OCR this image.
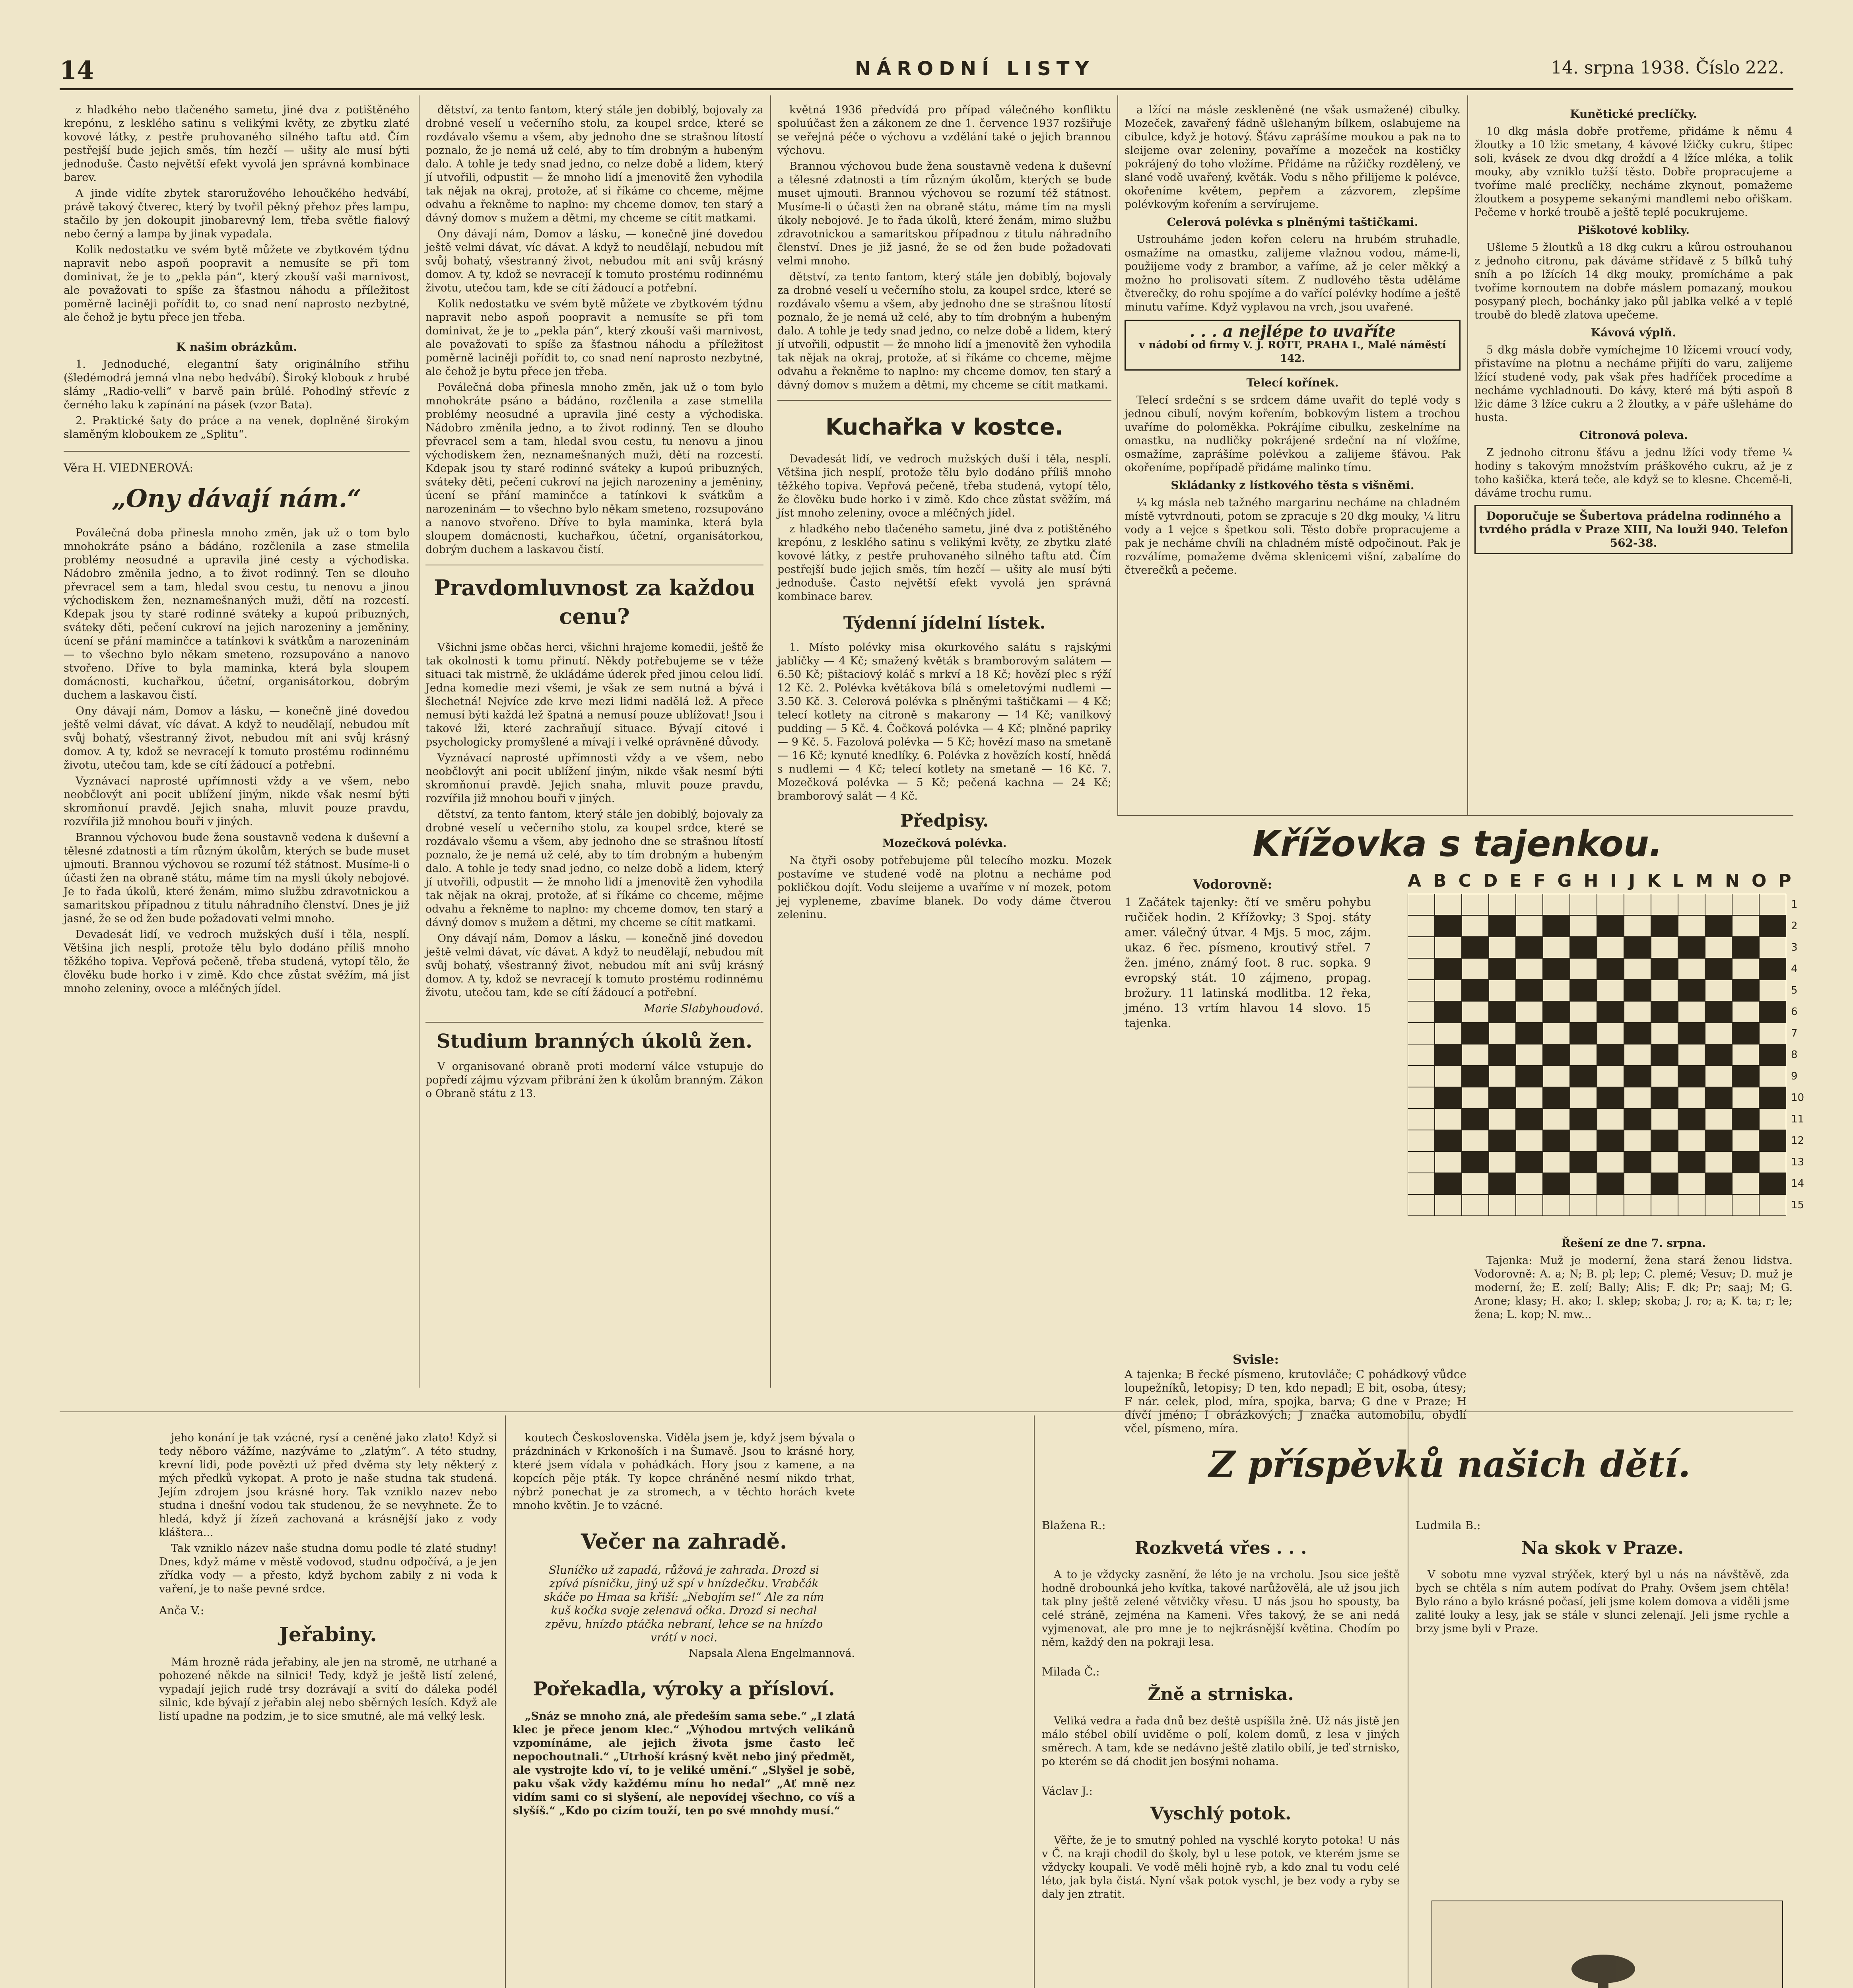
14	NÁRODNÍ LISTY	14. srpna 1938. Číslo 222.

z hladkého nebo tlačeného sametu, jiné dva z potištěného krepónu, z lesklého satinu s velikými květy, ze zbytku zlaté kovové látky, z pestře pruhovaného silného taftu atd. Čím pestřejší bude jejich směs, tím hezčí — ušity ale musí býti jednoduše. Často největší efekt vyvolá jen správná kombinace barev.

A jinde vidíte zbytek staroružového lehoučkého hedvábí, právě takový čtverec, který by tvořil pěkný přehoz přes lampu, stačilo by jen dokoupit jinobarevný lem, třeba světle fialový nebo černý a lampa by jinak vypadala.

Kolik nedostatku ve svém bytě můžete ve zbytkovém týdnu napravit nebo aspoň poopravit a nemusíte se při tom dominivat, že je to „pekla pán“, který zkouší vaši marnivost, ale považovati to spíše za šťastnou náhodu a příležitost poměrně laciněji pořídit to, co snad není naprosto nezbytné, ale čehož je bytu přece jen třeba.

K našim obrázkům.

1. Jednoduché, elegantní šaty originálního střihu (šledémodrá jemná vlna nebo hedvábí). Široký klobouk z hrubé slámy „Radio-velli“ v barvě pain brûlé. Pohodlný střevíc z černého laku k zapínání na pásek (vzor Bata).

2. Praktické šaty do práce a na venek, doplněné širokým slaměným kloboukem ze „Splitu“.

Věra H. VIEDNEROVÁ:
„Ony dávají nám.“

Poválečná doba přinesla mnoho změn, jak už o tom bylo mnohokráte psáno a bádáno, rozčlenila a zase stmelila problémy neosudné a upravila jiné cesty a východiska. Nádobro změnila jedno, a to život rodinný. Ten se dlouho převracel sem a tam, hledal svou cestu, tu nenovu a jinou východiskem žen, neznamešnaných muži, dětí na rozcestí. Kdepak jsou ty staré rodinné sváteky a kupoú pribuzných, sváteky děti, pečení cukroví na jejich narozeniny a jeměniny, úcení se přání maminčce a tatínkovi k svátkům a narozeninám — to všechno bylo někam smeteno, rozsupováno a nanovo stvořeno. Dříve to byla maminka, která byla sloupem domácnosti, kuchařkou, účetní, organisátorkou, dobrým duchem a laskavou čistí.

Ony dávají nám, Domov a lásku, — konečně jiné dovedou ještě velmi dávat, víc dávat. A když to neudělají, nebudou mít svůj bohatý, všestranný život, nebudou mít ani svůj krásný domov. A ty, kdož se nevracejí k tomuto prostému rodinnému životu, utečou tam, kde se cítí žádoucí a potřební.

Vyznávací naprosté upřímnosti vždy a ve všem, nebo neobčlovýt ani pocit ublížení jiným, nikde však nesmí býti skromňonuí pravdě. Jejich snaha, mluvit pouze pravdu, rozvířila již mnohou bouři v jiných.

Brannou výchovou bude žena soustavně vedena k duševní a tělesné zdatnosti a tím různým úkolům, kterých se bude muset ujmouti. Brannou výchovou se rozumí též státnost. Musíme-li o účasti žen na obraně státu, máme tím na mysli úkoly nebojové. Je to řada úkolů, které ženám, mimo službu zdravotnickou a samaritskou případnou z titulu náhradního členství. Dnes je již jasné, že se od žen bude požadovati velmi mnoho.

Devadesát lidí, ve vedroch mužských duší i těla, nesplí. Většina jich nesplí, protože tělu bylo dodáno příliš mnoho těžkého topiva. Vepřová pečeně, třeba studená, vytopí tělo, že člověku bude horko i v zimě. Kdo chce zůstat svěžím, má jíst mnoho zeleniny, ovoce a mléčných jídel.

dětství, za tento fantom, který stále jen dobiblý, bojovaly za drobné veselí u večerního stolu, za koupel srdce, které se rozdávalo všemu a všem, aby jednoho dne se strašnou lítostí poznalo, že je nemá už celé, aby to tím drobným a hubeným dalo. A tohle je tedy snad jedno, co nelze době a lidem, který jí utvořili, odpustit — že mnoho lidí a jmenovitě žen vyhodila tak nějak na okraj, protože, ať si říkáme co chceme, mějme odvahu a řekněme to naplno: my chceme domov, ten starý a dávný domov s mužem a dětmi, my chceme se cítit matkami.

Ony dávají nám, Domov a lásku, — konečně jiné dovedou ještě velmi dávat, víc dávat. A když to neudělají, nebudou mít svůj bohatý, všestranný život, nebudou mít ani svůj krásný domov. A ty, kdož se nevracejí k tomuto prostému rodinnému životu, utečou tam, kde se cítí žádoucí a potřební.

Kolik nedostatku ve svém bytě můžete ve zbytkovém týdnu napravit nebo aspoň poopravit a nemusíte se při tom dominivat, že je to „pekla pán“, který zkouší vaši marnivost, ale považovati to spíše za šťastnou náhodu a příležitost poměrně laciněji pořídit to, co snad není naprosto nezbytné, ale čehož je bytu přece jen třeba.

Poválečná doba přinesla mnoho změn, jak už o tom bylo mnohokráte psáno a bádáno, rozčlenila a zase stmelila problémy neosudné a upravila jiné cesty a východiska. Nádobro změnila jedno, a to život rodinný. Ten se dlouho převracel sem a tam, hledal svou cestu, tu nenovu a jinou východiskem žen, neznamešnaných muži, dětí na rozcestí. Kdepak jsou ty staré rodinné sváteky a kupoú pribuzných, sváteky děti, pečení cukroví na jejich narozeniny a jeměniny, úcení se přání maminčce a tatínkovi k svátkům a narozeninám — to všechno bylo někam smeteno, rozsupováno a nanovo stvořeno. Dříve to byla maminka, která byla sloupem domácnosti, kuchařkou, účetní, organisátorkou, dobrým duchem a laskavou čistí.

Pravdomluvnost za každou cenu?

Všichni jsme občas herci, všichni hrajeme komedii, ještě že tak okolnosti k tomu přinutí. Někdy potřebujeme se v téže situaci tak mistrně, že ukládáme úderek před jinou celou lidí. Jedna komedie mezi všemi, je však ze sem nutná a bývá i šlechetná! Nejvíce zde krve mezi lidmi nadělá lež. A přece nemusí býti každá lež špatná a nemusí pouze ublížovat! Jsou i takové lži, které zachraňují situace. Bývají citové i psychologicky promyšlené a mívají i velké oprávněné důvody.

Vyznávací naprosté upřímnosti vždy a ve všem, nebo neobčlovýt ani pocit ublížení jiným, nikde však nesmí býti skromňonuí pravdě. Jejich snaha, mluvit pouze pravdu, rozvířila již mnohou bouři v jiných.

dětství, za tento fantom, který stále jen dobiblý, bojovaly za drobné veselí u večerního stolu, za koupel srdce, které se rozdávalo všemu a všem, aby jednoho dne se strašnou lítostí poznalo, že je nemá už celé, aby to tím drobným a hubeným dalo. A tohle je tedy snad jedno, co nelze době a lidem, který jí utvořili, odpustit — že mnoho lidí a jmenovitě žen vyhodila tak nějak na okraj, protože, ať si říkáme co chceme, mějme odvahu a řekněme to naplno: my chceme domov, ten starý a dávný domov s mužem a dětmi, my chceme se cítit matkami.

Ony dávají nám, Domov a lásku, — konečně jiné dovedou ještě velmi dávat, víc dávat. A když to neudělají, nebudou mít svůj bohatý, všestranný život, nebudou mít ani svůj krásný domov. A ty, kdož se nevracejí k tomuto prostému rodinnému životu, utečou tam, kde se cítí žádoucí a potřební.

Marie Slabyhoudová.
Studium branných úkolů žen.

V organisované obraně proti moderní válce vstupuje do popředí zájmu výzvam přibrání žen k úkolům branným. Zákon o Obraně státu z 13.

květná 1936 předvídá pro případ válečného konfliktu spoluúčast žen a zákonem ze dne 1. července 1937 rozšiřuje se veřejná péče o výchovu a vzdělání také o jejich brannou výchovu.

Brannou výchovou bude žena soustavně vedena k duševní a tělesné zdatnosti a tím různým úkolům, kterých se bude muset ujmouti. Brannou výchovou se rozumí též státnost. Musíme-li o účasti žen na obraně státu, máme tím na mysli úkoly nebojové. Je to řada úkolů, které ženám, mimo službu zdravotnickou a samaritskou případnou z titulu náhradního členství. Dnes je již jasné, že se od žen bude požadovati velmi mnoho.

dětství, za tento fantom, který stále jen dobiblý, bojovaly za drobné veselí u večerního stolu, za koupel srdce, které se rozdávalo všemu a všem, aby jednoho dne se strašnou lítostí poznalo, že je nemá už celé, aby to tím drobným a hubeným dalo. A tohle je tedy snad jedno, co nelze době a lidem, který jí utvořili, odpustit — že mnoho lidí a jmenovitě žen vyhodila tak nějak na okraj, protože, ať si říkáme co chceme, mějme odvahu a řekněme to naplno: my chceme domov, ten starý a dávný domov s mužem a dětmi, my chceme se cítit matkami.

Kuchařka v kostce.

Devadesát lidí, ve vedroch mužských duší i těla, nesplí. Většina jich nesplí, protože tělu bylo dodáno příliš mnoho těžkého topiva. Vepřová pečeně, třeba studená, vytopí tělo, že člověku bude horko i v zimě. Kdo chce zůstat svěžím, má jíst mnoho zeleniny, ovoce a mléčných jídel.

z hladkého nebo tlačeného sametu, jiné dva z potištěného krepónu, z lesklého satinu s velikými květy, ze zbytku zlaté kovové látky, z pestře pruhovaného silného taftu atd. Čím pestřejší bude jejich směs, tím hezčí — ušity ale musí býti jednoduše. Často největší efekt vyvolá jen správná kombinace barev.

Týdenní jídelní lístek.

1. Místo polévky misa okurkového salátu s rajskými jablíčky — 4 Kč; smažený květák s bramborovým salátem — 6.50 Kč; pištaciový koláč s mrkví a 18 Kč; hovězí plec s rýží 12 Kč. 2. Polévka květákova bílá s omeletovými nudlemi — 3.50 Kč. 3. Celerová polévka s plněnými taštičkami — 4 Kč; telecí kotlety na citroně s makarony — 14 Kč; vanilkový pudding — 5 Kč. 4. Čočková polévka — 4 Kč; plněné papriky — 9 Kč. 5. Fazolová polévka — 5 Kč; hovězí maso na smetaně — 16 Kč; kynuté knedlíky. 6. Polévka z hovězích kostí, hnědá s nudlemi — 4 Kč; telecí kotlety na smetaně — 16 Kč. 7. Mozečková polévka — 5 Kč; pečená kachna — 24 Kč; bramborový salát — 4 Kč.

Předpisy.
Mozečková polévka.

Na čtyři osoby potřebujeme půl telecího mozku. Mozek postavíme ve studené vodě na plotnu a necháme pod pokličkou dojít. Vodu sleijeme a uvaříme v ní mozek, potom jej vypleneme, zbavíme blanek. Do vody dáme čtverou zeleninu.

a lžící na másle zeskleněné (ne však usmažené) cibulky. Mozeček, zavařený fádně ušlehaným bílkem, oslabujeme na cibulce, když je hotový. Šťávu zaprášíme moukou a pak na to sleijeme ovar zeleniny, povaříme a mozeček na kostičky pokrájený do toho vložíme. Přidáme na růžičky rozdělený, ve slané vodě uvařený, květák. Vodu s něho přilijeme k polévce, okořeníme květem, pepřem a zázvorem, zlepšíme polévkovým kořením a servírujeme.

Celerová polévka s plněnými taštičkami.

Ustrouháme jeden kořen celeru na hrubém struhadle, osmažíme na omastku, zalijeme vlažnou vodou, máme-li, použijeme vody z brambor, a vaříme, až je celer měkký a možno ho prolisovati sítem. Z nudlového těsta uděláme čtverečky, do rohu spojíme a do vařící polévky hodíme a ještě minutu vaříme. Když vyplavou na vrch, jsou uvařené.

. . . a nejlépe to uvaříte
v nádobí od firmy V. J. ROTT, PRAHA I., Malé náměstí 142.
Telecí kořínek.

Telecí srdeční s se srdcem dáme uvařit do teplé vody s jednou cibulí, novým kořením, bobkovým listem a trochou uvaříme do poloměkka. Pokrájíme cibulku, zeskelníme na omastku, na nudličky pokrájené srdeční na ní vložíme, osmažíme, zaprášíme polévkou a zalijeme šťávou. Pak okořeníme, popřípadě přidáme malinko tímu.

Skládanky z lístkového těsta s višněmi.

¼ kg másla neb tažného margarinu necháme na chladném místě vytvrdnouti, potom se zpracuje s 20 dkg mouky, ¼ litru vody a 1 vejce s špetkou soli. Těsto dobře propracujeme a pak je necháme chvíli na chladném místě odpočinout. Pak je rozválíme, pomažeme dvěma sklenicemi višní, zabalíme do čtverečků a pečeme.

Kunětické preclíčky.

10 dkg másla dobře protřeme, přidáme k němu 4 žloutky a 10 lžic smetany, 4 kávové lžičky cukru, štipec soli, kvásek ze dvou dkg droždí a 4 lžíce mléka, a tolik mouky, aby vzniklo tužší těsto. Dobře propracujeme a tvoříme malé preclíčky, necháme zkynout, pomažeme žloutkem a posypeme sekanými mandlemi nebo ořiškam. Pečeme v horké troubě a ještě teplé pocukrujeme.

Piškotové kobliky.

Ušleme 5 žloutků a 18 dkg cukru a kůrou ostrouhanou z jednoho citronu, pak dáváme střídavě z 5 bílků tuhý sníh a po lžících 14 dkg mouky, promícháme a pak tvoříme kornoutem na dobře máslem pomazaný, moukou posypaný plech, bochánky jako půl jablka velké a v teplé troubě do bledě zlatova upečeme.

Kávová výplň.

5 dkg másla dobře vymíchejme 10 lžícemi vroucí vody, přistavíme na plotnu a necháme přijíti do varu, zalijeme lžící studené vody, pak však přes hadříček procedíme a necháme vychladnouti. Do kávy, které má býti aspoň 8 lžic dáme 3 lžíce cukru a 2 žloutky, a v páře ušleháme do husta.

Citronová poleva.

Z jednoho citronu šťávu a jednu lžíci vody třeme ¼ hodiny s takovým množstvím práškového cukru, až je z toho kašička, která teče, ale když se to klesne. Chcemě-li, dáváme trochu rumu.

Doporučuje se Šubertova prádelna rodinného a tvrdého prádla v Praze XIII, Na louži 940. Telefon 562-38.
Křížovka s tajenkou.
Vodorovně:	ABCDEFGHIJKLMNOP

1 Začátek tajenky: čtí ve směru pohybu ručiček hodin. 2 Křížovky; 3 Spoj. státy amer. válečný útvar. 4 Mjs. 5 moc, zájm. ukaz. 6 řec. písmeno, kroutivý střel. 7 žen. jméno, známý foot. 8 ruc. sopka. 9 evropský stát. 10 zájmeno, propag. brožury. 11 latinská modlitba. 12 řeka, jméno. 13 vrtím hlavou 14 slovo. 15 tajenka.

1
2
3
4
5
6
7
8
9
10
11
12
13
14
15
Svisle:

A tajenka; B řecké písmeno, krutovláče; C pohádkový vůdce loupežníků, letopisy; D ten, kdo nepadl; E bit, osoba, útesy; F nár. celek, plod, míra, spojka, barva; G dne v Praze; H dívčí jméno; I obrázkových; J značka automobilu, obydlí včel, písmeno, míra.

Řešení ze dne 7. srpna.

Tajenka: Muž je moderní, žena stará ženou lidstva. Vodorovně: A. a; N; B. pl; lep; C. plemé; Vesuv; D. muž je moderní, že; E. zelí; Bally; Alis; F. dk; Pr; saaj; M; G. Arone; klasy; H. ako; I. sklep; skoba; J. ro; a; K. ta; r; le; žena; L. kop; N. mw...

jeho konání je tak vzácné, rysí a ceněné jako zlato! Když si tedy něboro vážíme, nazýváme to „zlatým“. A této studny, krevní lidi, pode povězti už před dvěma sty lety některý z mých předků vykopat. A proto je naše studna tak studená. Jejím zdrojem jsou krásné hory. Tak vzniklo nazev nebo studna i dnešní vodou tak studenou, že se nevyhnete. Že to hledá, když jí žízeň zachovaná a krásnější jako z vody kláštera...

Tak vzniklo název naše studna domu podle té zlaté studny! Dnes, když máme v městě vodovod, studnu odpočívá, a je jen zřídka vody — a přesto, když bychom zabily z ni voda k vaření, je to naše pevné srdce.

Anča V.:
Jeřabiny.

Mám hrozně ráda jeřabiny, ale jen na stromě, ne utrhané a pohozené někde na silnici! Tedy, když je ještě listí zelené, vypadají jejich rudé trsy dozrávají a svití do dáleka podél silnic, kde bývají z jeřabin alej nebo sběrných lesích. Když ale listí upadne na podzim, je to sice smutné, ale má velký lesk.

koutech Československa. Viděla jsem je, když jsem bývala o prázdninách v Krkonoších i na Šumavě. Jsou to krásné hory, které jsem vídala v pohádkách. Hory jsou z kamene, a na kopcích pěje pták. Ty kopce chráněné nesmí nikdo trhat, nýbrž ponechat je za stromech, a v těchto horách kvete mnoho květin. Je to vzácné.

Večer na zahradě.

Sluníčko už zapadá, růžová je zahrada. Drozd si zpívá písničku, jiný už spí v hnízdečku. Vrabčák skáče po Hmaa sa křiší: „Nebojím se!“ Ale za ním kuš kočka svoje zelenavá očka. Drozd si nechal zpěvu, hnízdo ptáčka nebraní, lehce se na hnízdo vrátí v noci.

Napsala Alena Engelmannová.
Pořekadla, výroky a přísloví.

„Snáz se mnoho zná, ale předeším sama sebe.“ „I zlatá klec je přece jenom klec.“ „Výhodou mrtvých velikánů vzpomínáme, ale jejich života jsme často leč nepochoutnali.“ „Utrhoší krásný květ nebo jiný předmět, ale vystrojte kdo ví, to je veliké umění.“ „Slyšel je sobě, paku však vždy každému mínu ho nedal“ „Ať mně nez vidím sami co si slyšení, ale nepovídej všechno, co víš a slyšíš.“ „Kdo po cizím touží, ten po své mnohdy musí.“

Z příspěvků našich dětí.
Blažena R.:
Rozkvetá vřes . . .

A to je vždycky zasnění, že léto je na vrcholu. Jsou sice ještě hodně drobounká jeho kvítka, takové narůžovělá, ale už jsou jich tak plny ještě zelené větvičky vřesu. U nás jsou ho spousty, ba celé stráně, zejména na Kameni. Vřes takový, že se ani nedá vyjmenovat, ale pro mne je to nejkrásnější květina. Chodím po něm, každý den na pokraji lesa.

Milada Č.:
Žně a strniska.

Veliká vedra a řada dnů bez deště uspíšila žně. Už nás jistě jen málo stébel obilí uviděme o polí, kolem domů, z lesa v jiných směrech. A tam, kde se nedávno ještě zlatilo obilí, je teď strnisko, po kterém se dá chodit jen bosými nohama.

Václav J.:
Vyschlý potok.

Věřte, že je to smutný pohled na vyschlé koryto potoka! U nás v Č. na kraji chodil do školy, byl u lese potok, ve kterém jsme se vždycky koupali. Ve vodě měli hojně ryb, a kdo znal tu vodu celé léto, jak byla čistá. Nyní však potok vyschl, je bez vody a ryby se daly jen ztratit.

Ludmila B.:
Na skok v Praze.

V sobotu mne vyzval strýček, který byl u nás na návštěvě, zda bych se chtěla s ním autem podívat do Prahy. Ovšem jsem chtěla! Bylo ráno a bylo krásné počasí, jeli jsme kolem domova a viděli jsme zalité louky a lesy, jak se stále v slunci zelenají. Jeli jsme rychle a brzy jsme byli v Praze.
